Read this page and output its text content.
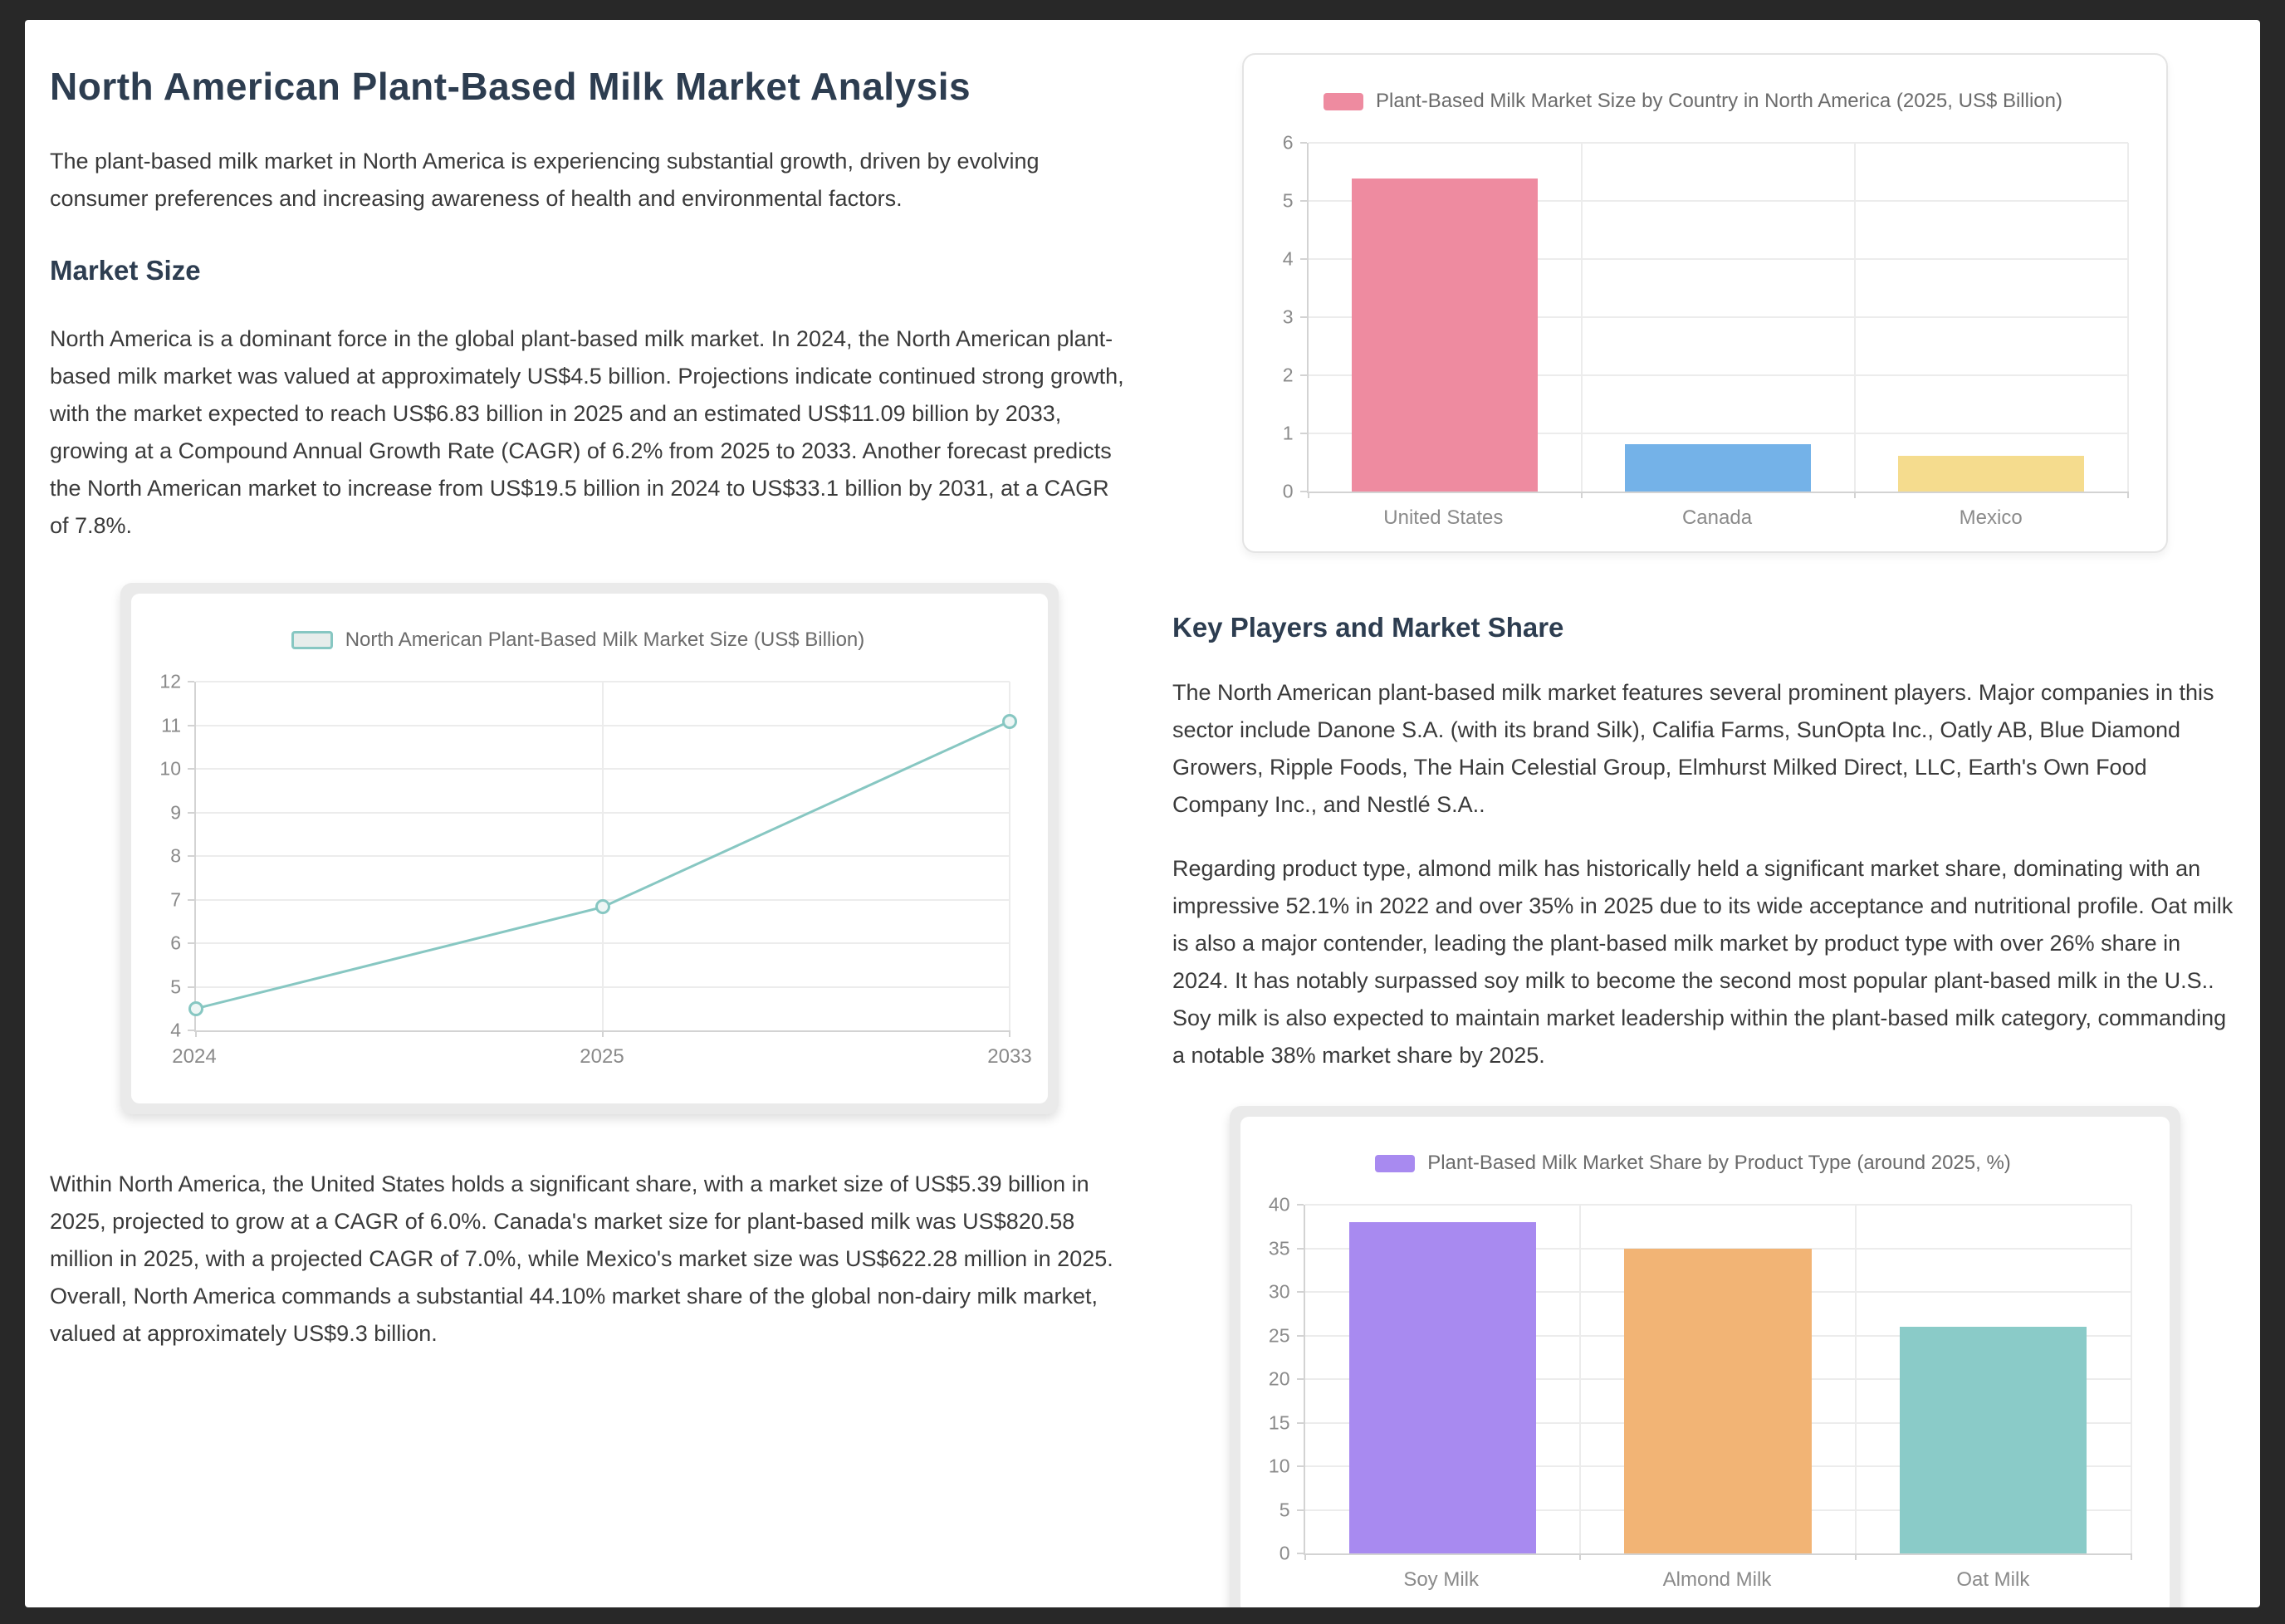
North American Plant-Based Milk Market Analysis

The plant-based milk market in North America is experiencing substantial growth, driven by evolving consumer preferences and increasing awareness of health and environmental factors.

Market Size

North America is a dominant force in the global plant-based milk market. In 2024, the North American plant-based milk market was valued at approximately US$4.5 billion. Projections indicate continued strong growth, with the market expected to reach US$6.83 billion in 2025 and an estimated US$11.09 billion by 2033, growing at a Compound Annual Growth Rate (CAGR) of 6.2% from 2025 to 2033. Another forecast predicts the North American market to increase from US$19.5 billion in 2024 to US$33.1 billion by 2031, at a CAGR of 7.8%.

North American Plant-Based Milk Market Size (US$ Billion)
4
5
6
7
8
9
10
11
12
2024	2025	2033

Within North America, the United States holds a significant share, with a market size of US$5.39 billion in 2025, projected to grow at a CAGR of 6.0%. Canada's market size for plant-based milk was US$820.58 million in 2025, with a projected CAGR of 7.0%, while Mexico's market size was US$622.28 million in 2025. Overall, North America commands a substantial 44.10% market share of the global non-dairy milk market, valued at approximately US$9.3 billion.

Plant-Based Milk Market Size by Country in North America (2025, US$ Billion)
0
1
2
3
4
5
6
United States	Canada	Mexico
Key Players and Market Share

The North American plant-based milk market features several prominent players. Major companies in this sector include Danone S.A. (with its brand Silk), Califia Farms, SunOpta Inc., Oatly AB, Blue Diamond Growers, Ripple Foods, The Hain Celestial Group, Elmhurst Milked Direct, LLC, Earth's Own Food Company Inc., and Nestlé S.A..

Regarding product type, almond milk has historically held a significant market share, dominating with an impressive 52.1% in 2022 and over 35% in 2025 due to its wide acceptance and nutritional profile. Oat milk is also a major contender, leading the plant-based milk market by product type with over 26% share in 2024. It has notably surpassed soy milk to become the second most popular plant-based milk in the U.S.. Soy milk is also expected to maintain market leadership within the plant-based milk category, commanding a notable 38% market share by 2025.

Plant-Based Milk Market Share by Product Type (around 2025, %)
0
5
10
15
20
25
30
35
40
Soy Milk	Almond Milk	Oat Milk
